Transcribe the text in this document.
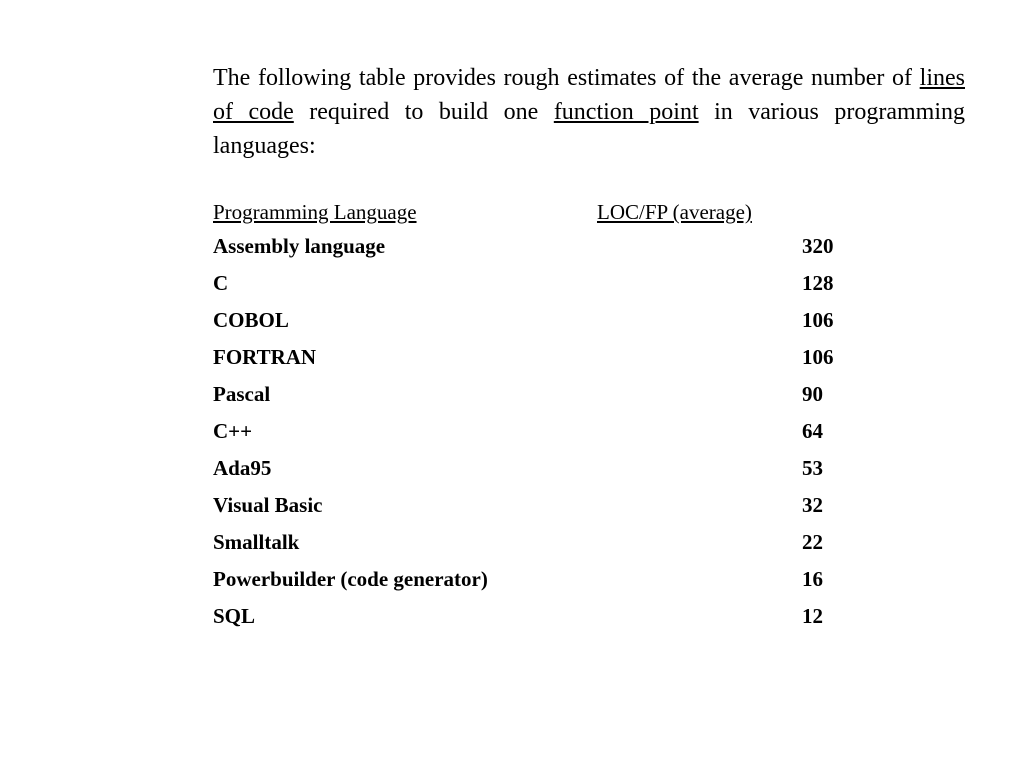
The following table provides rough estimates of the average number of lines of code required to build one function point in various programming languages:

Programming Language	LOC/FP (average)
Assembly language	320
C	128
COBOL	106
FORTRAN	106
Pascal	90
C++	64
Ada95	53
Visual Basic	32
Smalltalk	22
Powerbuilder (code generator)	16
SQL	12
